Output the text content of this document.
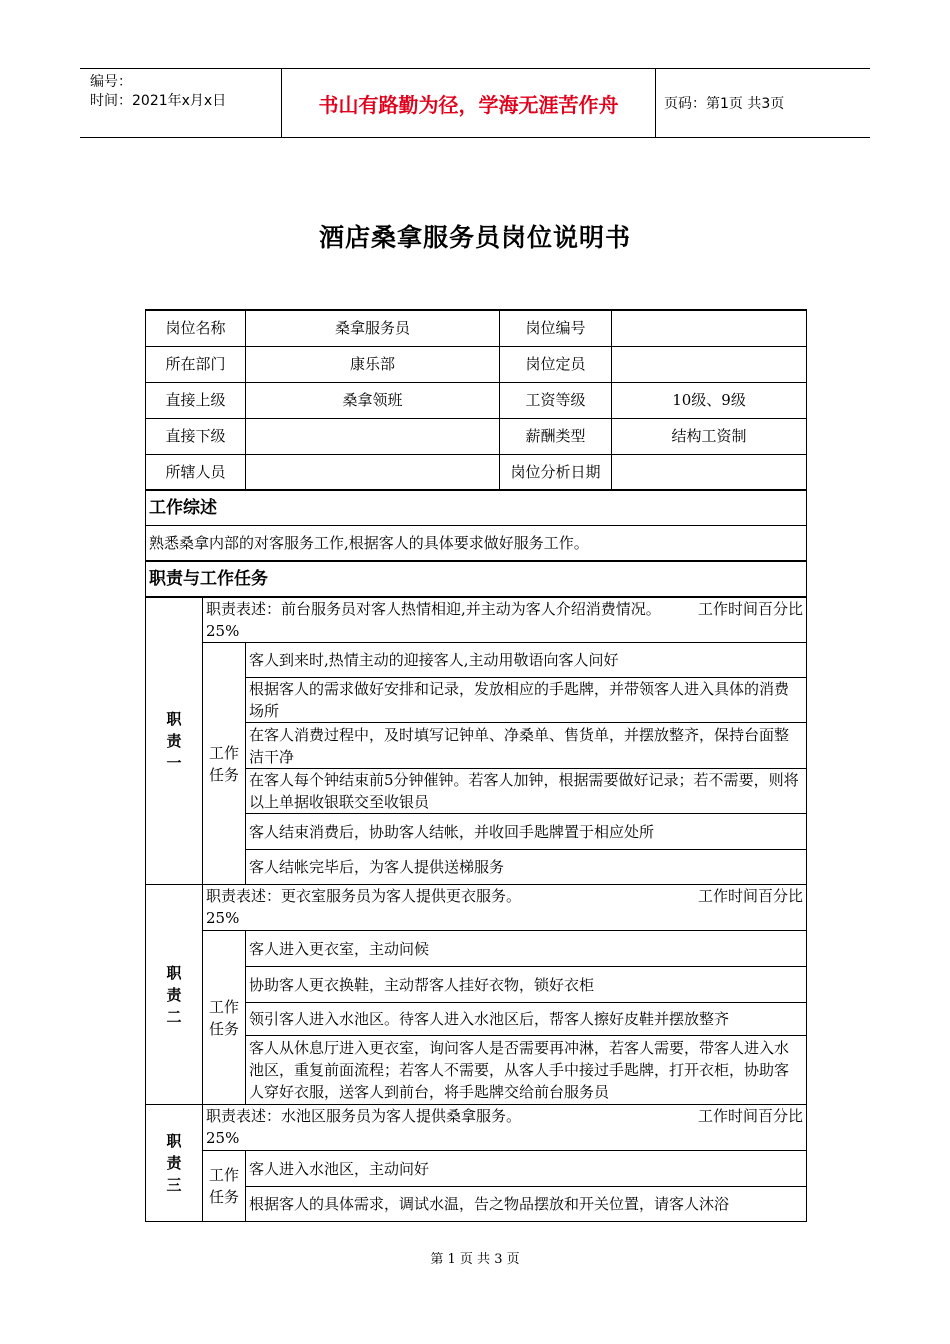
编号：
时间：2021年x月x日	书山有路勤为径，学海无涯苦作舟	页码：第1页 共3页
酒店桑拿服务员岗位说明书
岗位名称		桑拿服务员	岗位编号	
所在部门		康乐部	岗位定员	
直接上级		桑拿领班	工资等级	10级、9级
直接下级			薪酬类型	结构工资制
所辖人员			岗位分析日期	
工作综述				
熟悉桑拿内部的对客服务工作,根据客人的具体要求做好服务工作。				
职责与工作任务				
职责一	职责表述：前台服务员对客人热情相迎,并主动为客人介绍消费情况。 工作时间百分比
25%			

	工作任务	客人到来时,热情主动的迎接客人,主动用敬语向客人问好		
		根据客人的需求做好安排和记录，发放相应的手匙牌，并带领客人进入具体的消费场所		
		在客人消费过程中，及时填写记钟单、净桑单、售货单，并摆放整齐，保持台面整洁干净		
		在客人每个钟结束前5分钟催钟。若客人加钟，根据需要做好记录；若不需要，则将以上单据收银联交至收银员		
		客人结束消费后，协助客人结帐，并收回手匙牌置于相应处所		
		客人结帐完毕后，为客人提供送梯服务		
职责二	职责表述：更衣室服务员为客人提供更衣服务。 工作时间百分比
25%			

	工作任务	客人进入更衣室，主动问候		
		协助客人更衣换鞋，主动帮客人挂好衣物，锁好衣柜		
		领引客人进入水池区。待客人进入水池区后，帮客人擦好皮鞋并摆放整齐		
		客人从休息厅进入更衣室，询问客人是否需要再冲淋，若客人需要，带客人进入水池区，重复前面流程；若客人不需要，从客人手中接过手匙牌，打开衣柜，协助客人穿好衣服，送客人到前台，将手匙牌交给前台服务员		
职责三	职责表述：水池区服务员为客人提供桑拿服务。 工作时间百分比
25%			

	工作任务	客人进入水池区，主动问好		
		根据客人的具体需求，调试水温，告之物品摆放和开关位置，请客人沐浴		
第 1 页 共 3 页
